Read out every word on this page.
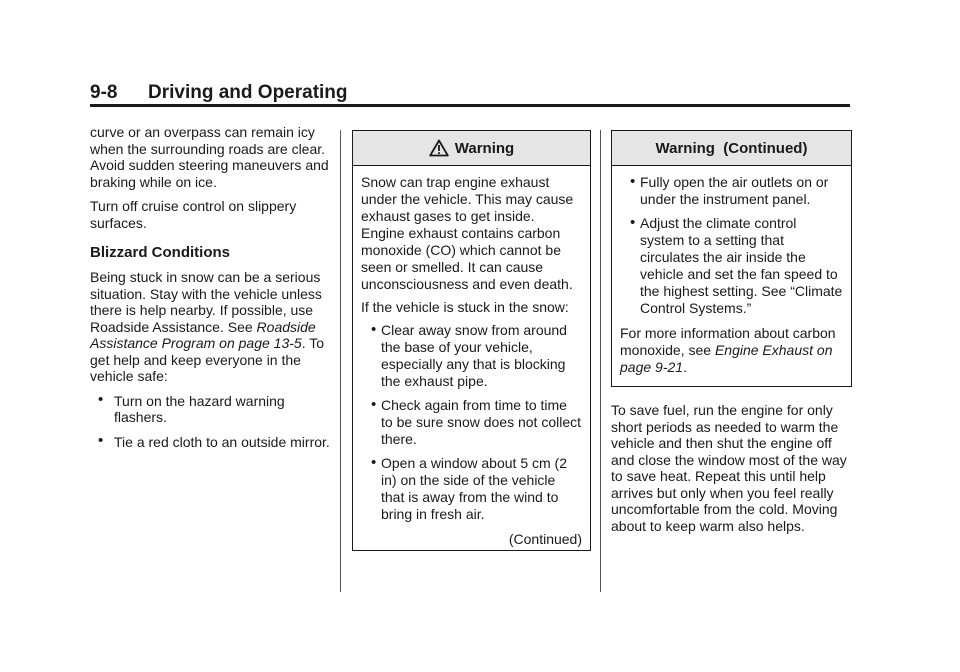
9-8 Driving and Operating

curve or an overpass can remain icy when the surrounding roads are clear. Avoid sudden steering maneuvers and braking while on ice.

Turn off cruise control on slippery surfaces.

Blizzard Conditions

Being stuck in snow can be a serious situation. Stay with the vehicle unless there is help nearby. If possible, use Roadside Assistance. See Roadside Assistance Program on page 13-5. To get help and keep everyone in the vehicle safe:

• Turn on the hazard warning flashers.
• Tie a red cloth to an outside mirror.
Warning

Snow can trap engine exhaust under the vehicle. This may cause exhaust gases to get inside. Engine exhaust contains carbon monoxide (CO) which cannot be seen or smelled. It can cause unconsciousness and even death.

If the vehicle is stuck in the snow:

• Clear away snow from around the base of your vehicle, especially any that is blocking the exhaust pipe.
• Check again from time to time to be sure snow does not collect there.
• Open a window about 5 cm (2 in) on the side of the vehicle that is away from the wind to bring in fresh air.
(Continued)
Warning  (Continued)
• Fully open the air outlets on or under the instrument panel.
• Adjust the climate control system to a setting that circulates the air inside the vehicle and set the fan speed to the highest setting. See “Climate Control Systems.”

For more information about carbon monoxide, see Engine Exhaust on page 9-21.

To save fuel, run the engine for only short periods as needed to warm the vehicle and then shut the engine off and close the window most of the way to save heat. Repeat this until help arrives but only when you feel really uncomfortable from the cold. Moving about to keep warm also helps.
